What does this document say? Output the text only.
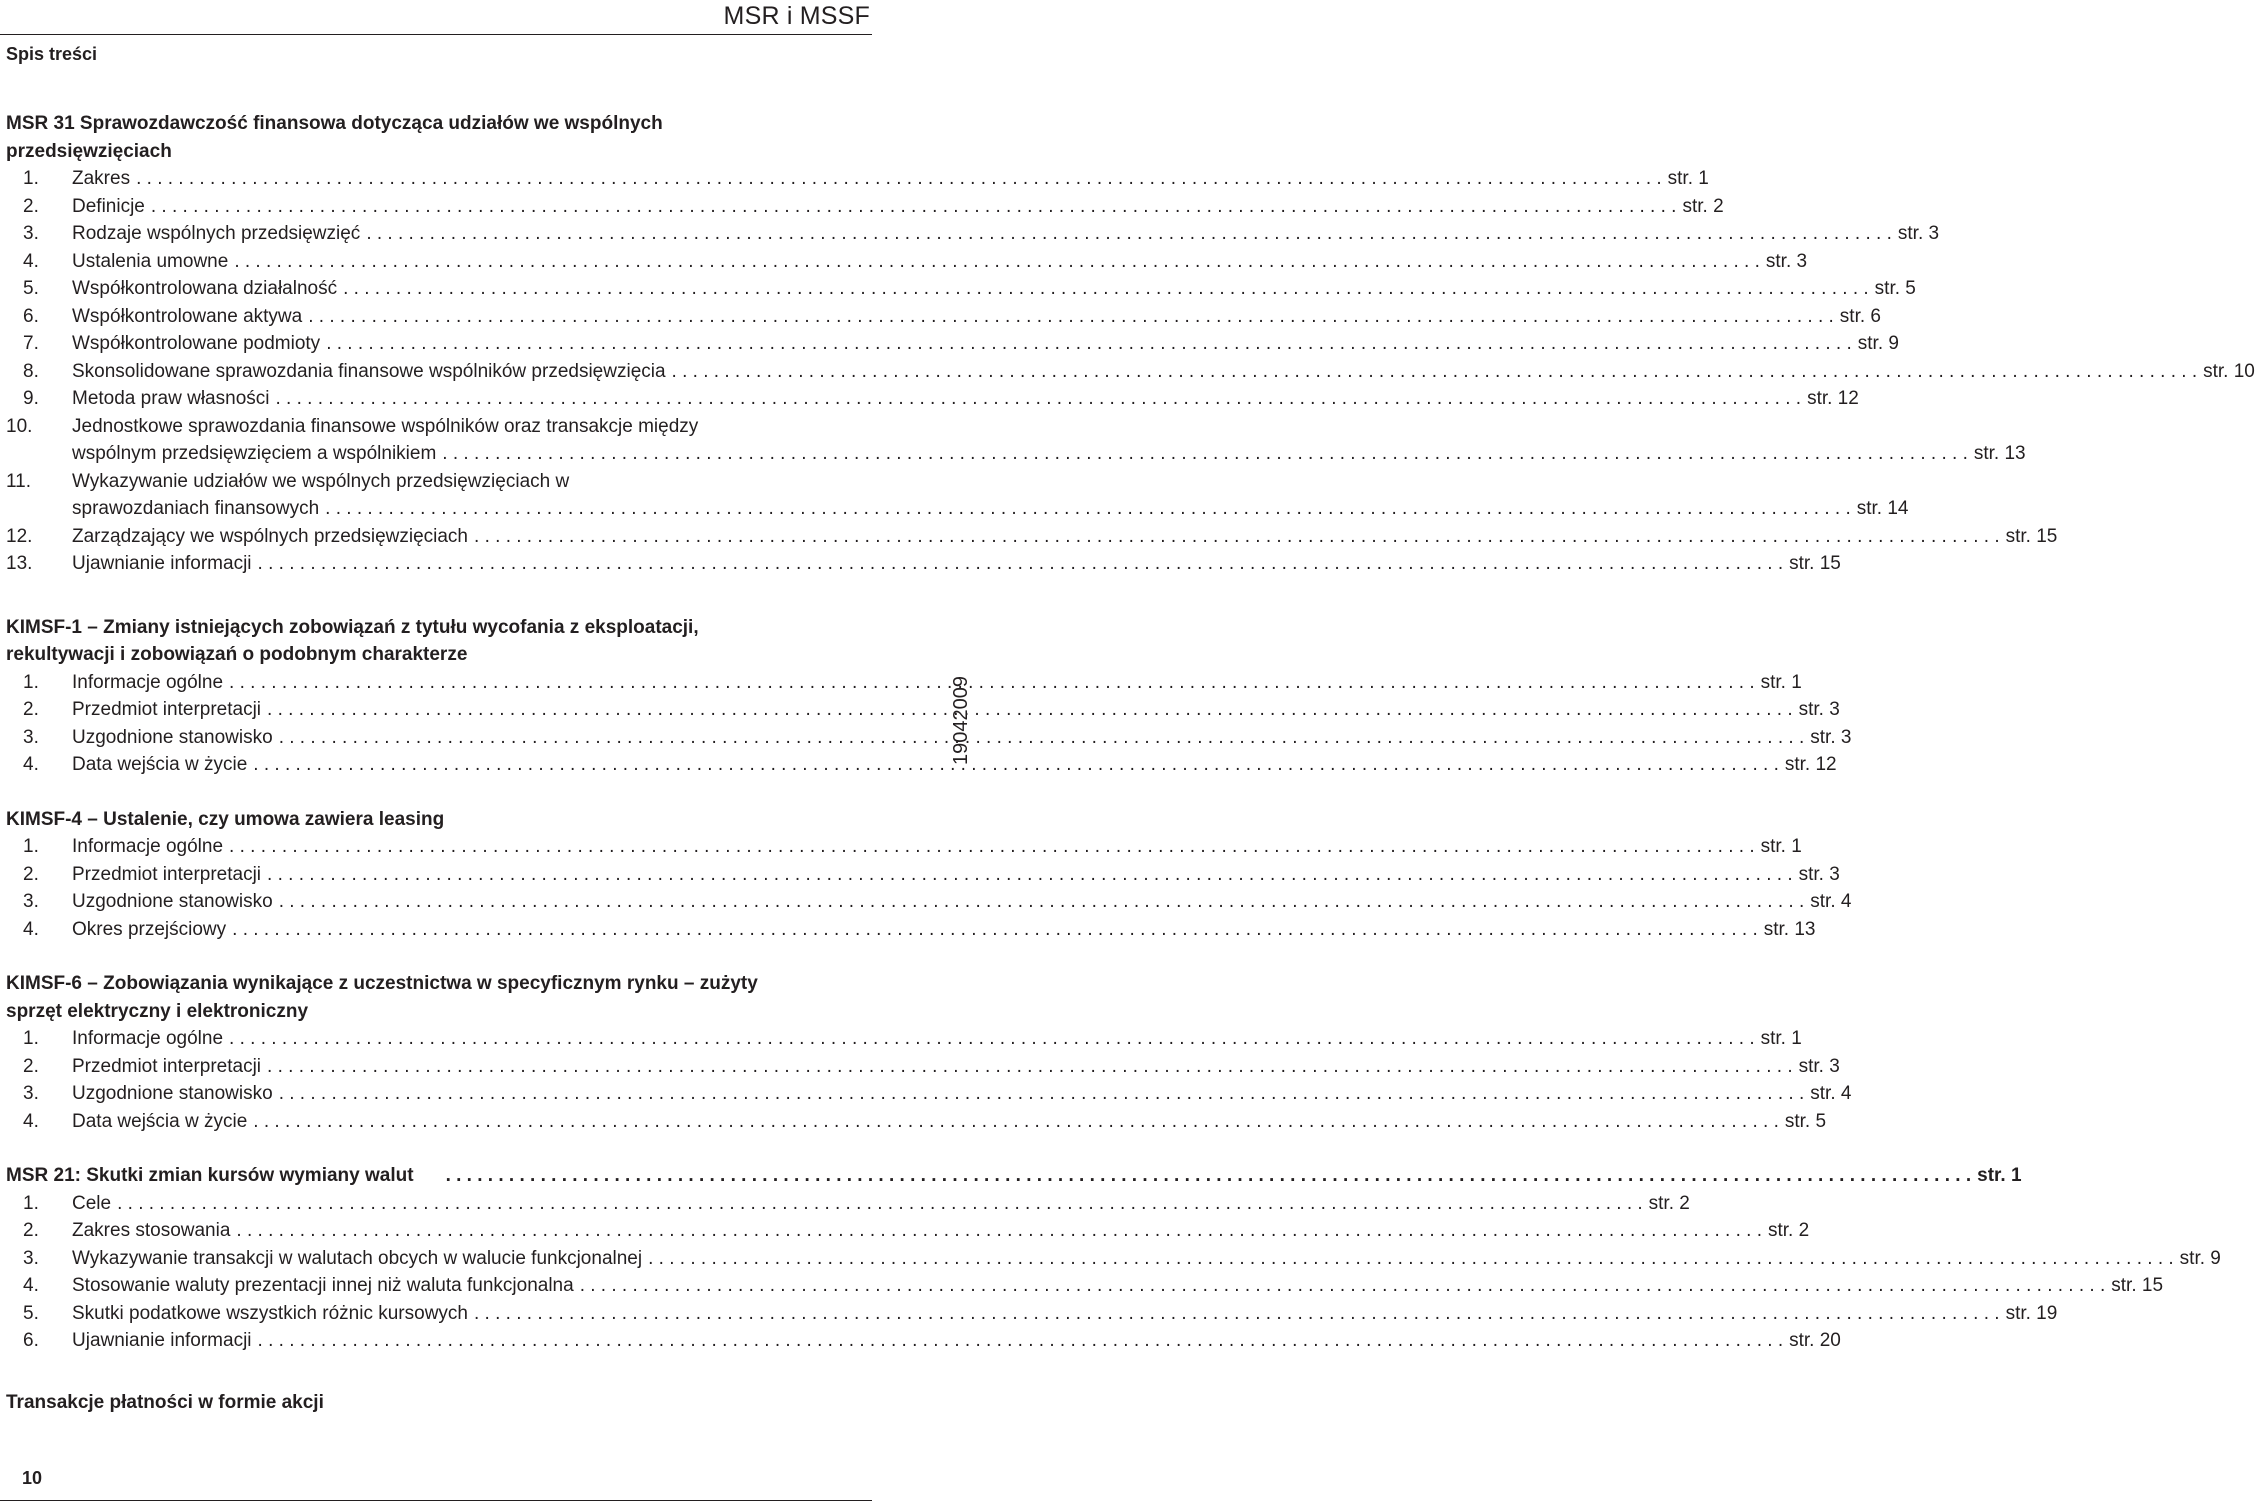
MSR i MSSF
Spis treści
MSR 31 Sprawozdawczość finansowa dotycząca udziałów we wspólnych
przedsięwzięciach
1.	Zakres . . .	str. 1
2.	Definicje . . .	str. 2
3.	Rodzaje wspólnych przedsięwzięć . . .	str. 3
4.	Ustalenia umowne . . .	str. 3
5.	Współkontrolowana działalność . . .	str. 5
6.	Współkontrolowane aktywa . . .	str. 6
7.	Współkontrolowane podmioty . . .	str. 9
8.	Skonsolidowane sprawozdania finansowe wspólników przedsięwzięcia . . .	str. 10
9.	Metoda praw własności . . .	str. 12
10.	Jednostkowe sprawozdania finansowe wspólników oraz transakcje między
wspólnym przedsięwzięciem a wspólnikiem . . .	str. 13
11.	Wykazywanie udziałów we wspólnych przedsięwzięciach w
sprawozdaniach finansowych . . .	str. 14
12.	Zarządzający we wspólnych przedsięwzięciach . . .	str. 15
13.	Ujawnianie informacji . . .	str. 15
KIMSF-1 – Zmiany istniejących zobowiązań z tytułu wycofania z eksploatacji,
rekultywacji i zobowiązań o podobnym charakterze
1.	Informacje ogólne . . .	str. 1
2.	Przedmiot interpretacji . . .	str. 3
3.	Uzgodnione stanowisko . . .	str. 3
4.	Data wejścia w życie . . .	str. 12
KIMSF-4 – Ustalenie, czy umowa zawiera leasing
1.	Informacje ogólne . . .	str. 1
2.	Przedmiot interpretacji . . .	str. 3
3.	Uzgodnione stanowisko . . .	str. 4
4.	Okres przejściowy . . .	str. 13
KIMSF-6 – Zobowiązania wynikające z uczestnictwa w specyficznym rynku – zużyty
sprzęt elektryczny i elektroniczny
1.	Informacje ogólne . . .	str. 1
2.	Przedmiot interpretacji . . .	str. 3
3.	Uzgodnione stanowisko . . .	str. 4
4.	Data wejścia w życie . . .	str. 5
MSR 21: Skutki zmian kursów wymiany walut . . .	str. 1
1.	Cele . . .	str. 2
2.	Zakres stosowania . . .	str. 2
3.	Wykazywanie transakcji w walutach obcych w walucie funkcjonalnej . . .	str. 9
4.	Stosowanie waluty prezentacji innej niż waluta funkcjonalna . . .	str. 15
5.	Skutki podatkowe wszystkich różnic kursowych . . .	str. 19
6.	Ujawnianie informacji . . .	str. 20
Transakcje płatności w formie akcji
19042009
10
